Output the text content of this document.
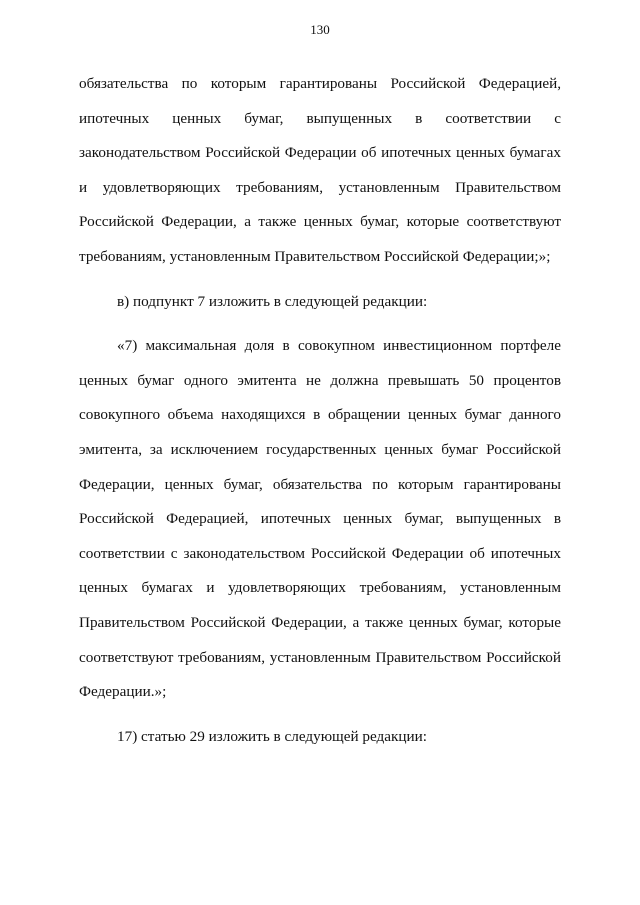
130

обязательства по которым гарантированы Российской Федерацией,
ипотечных ценных бумаг, выпущенных в соответствии с
законодательством Российской Федерации об ипотечных ценных бумагах
и удовлетворяющих требованиям, установленным Правительством
Российской Федерации, а также ценных бумаг, которые соответствуют
требованиям, установленным Правительством Российской Федерации;»;

в) подпункт 7 изложить в следующей редакции:

«7) максимальная доля в совокупном инвестиционном портфеле
ценных бумаг одного эмитента не должна превышать 50 процентов
совокупного объема находящихся в обращении ценных бумаг данного
эмитента, за исключением государственных ценных бумаг Российской
Федерации, ценных бумаг, обязательства по которым гарантированы
Российской Федерацией, ипотечных ценных бумаг, выпущенных в
соответствии с законодательством Российской Федерации об ипотечных
ценных бумагах и удовлетворяющих требованиям, установленным
Правительством Российской Федерации, а также ценных бумаг, которые
соответствуют требованиям, установленным Правительством Российской
Федерации.»;

17) статью 29 изложить в следующей редакции:
